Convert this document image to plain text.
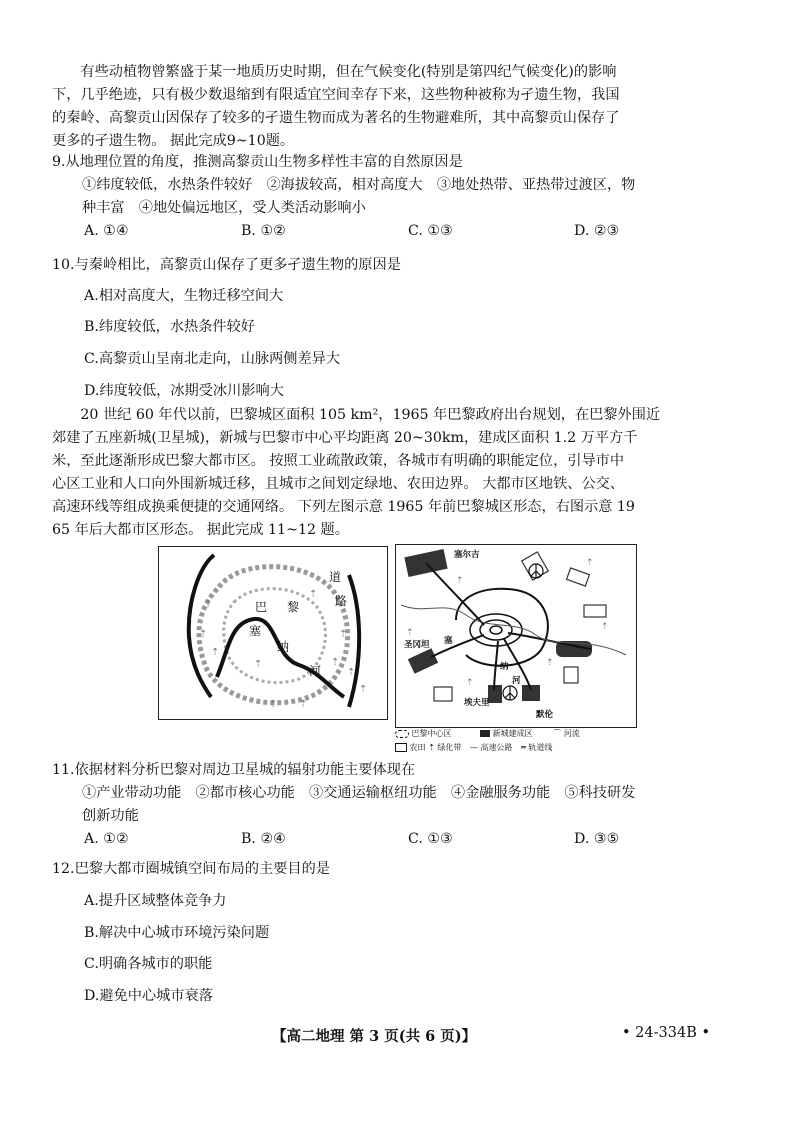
　　有些动植物曾繁盛于某一地质历史时期，但在气候变化(特别是第四纪气候变化)的影响
下，几乎绝迹，只有极少数退缩到有限适宜空间幸存下来，这些物种被称为孑遗生物，我国
的秦岭、高黎贡山因保存了较多的孑遗生物而成为著名的生物避难所，其中高黎贡山保存了
更多的孑遗生物。 据此完成9~10题。
9.从地理位置的角度，推测高黎贡山生物多样性丰富的自然原因是
①纬度较低，水热条件较好　②海拔较高，相对高度大　③地处热带、亚热带过渡区，物
种丰富　④地处偏远地区，受人类活动影响小
A. ①④	B. ①②	C. ①③	D. ②③
10.与秦岭相比，高黎贡山保存了更多孑遗生物的原因是
A.相对高度大，生物迁移空间大
B.纬度较低，水热条件较好
C.高黎贡山呈南北走向，山脉两侧差异大
D.纬度较低，冰期受冰川影响大
　　20 世纪 60 年代以前，巴黎城区面积 105 km²，1965 年巴黎政府出台规划，在巴黎外围近
郊建了五座新城(卫星城)，新城与巴黎市中心平均距离 20~30km，建成区面积 1.2 万平方千
米，至此逐渐形成巴黎大都市区。 按照工业疏散政策，各城市有明确的职能定位，引导市中
心区工业和人口向外围新城迁移，且城市之间划定绿地、农田边界。 大都市区地铁、公交、
高速环线等组成换乘便捷的交通网络。 下列左图示意 1965 年前巴黎城区形态，右图示意 19
65 年后大都市区形态。 据此完成 11~12 题。
⇡
⇡
⇡
⇡
⇡
⇡
⇡ ⇡
⇡
⇡
⇡
道
路
巴 黎
塞
纳
河
⇡
⇡
⇡
⇡
⇡
⇡
塞尔吉
圣冈坦 塞
纳
河
埃夫里
默伦
巴黎中心区	新城建成区	⌒ 河流
农田 ⇡ 绿化带 — 高速公路 ═ 轨道线
11.依据材料分析巴黎对周边卫星城的辐射功能主要体现在
①产业带动功能　②都市核心功能　③交通运输枢纽功能　④金融服务功能　⑤科技研发
创新功能
A. ①②	B. ②④	C. ①③	D. ③⑤
12.巴黎大都市圈城镇空间布局的主要目的是
A.提升区域整体竞争力
B.解决中心城市环境污染问题
C.明确各城市的职能
D.避免中心城市衰落
【高二地理 第 3 页(共 6 页)】	• 24-334B •
